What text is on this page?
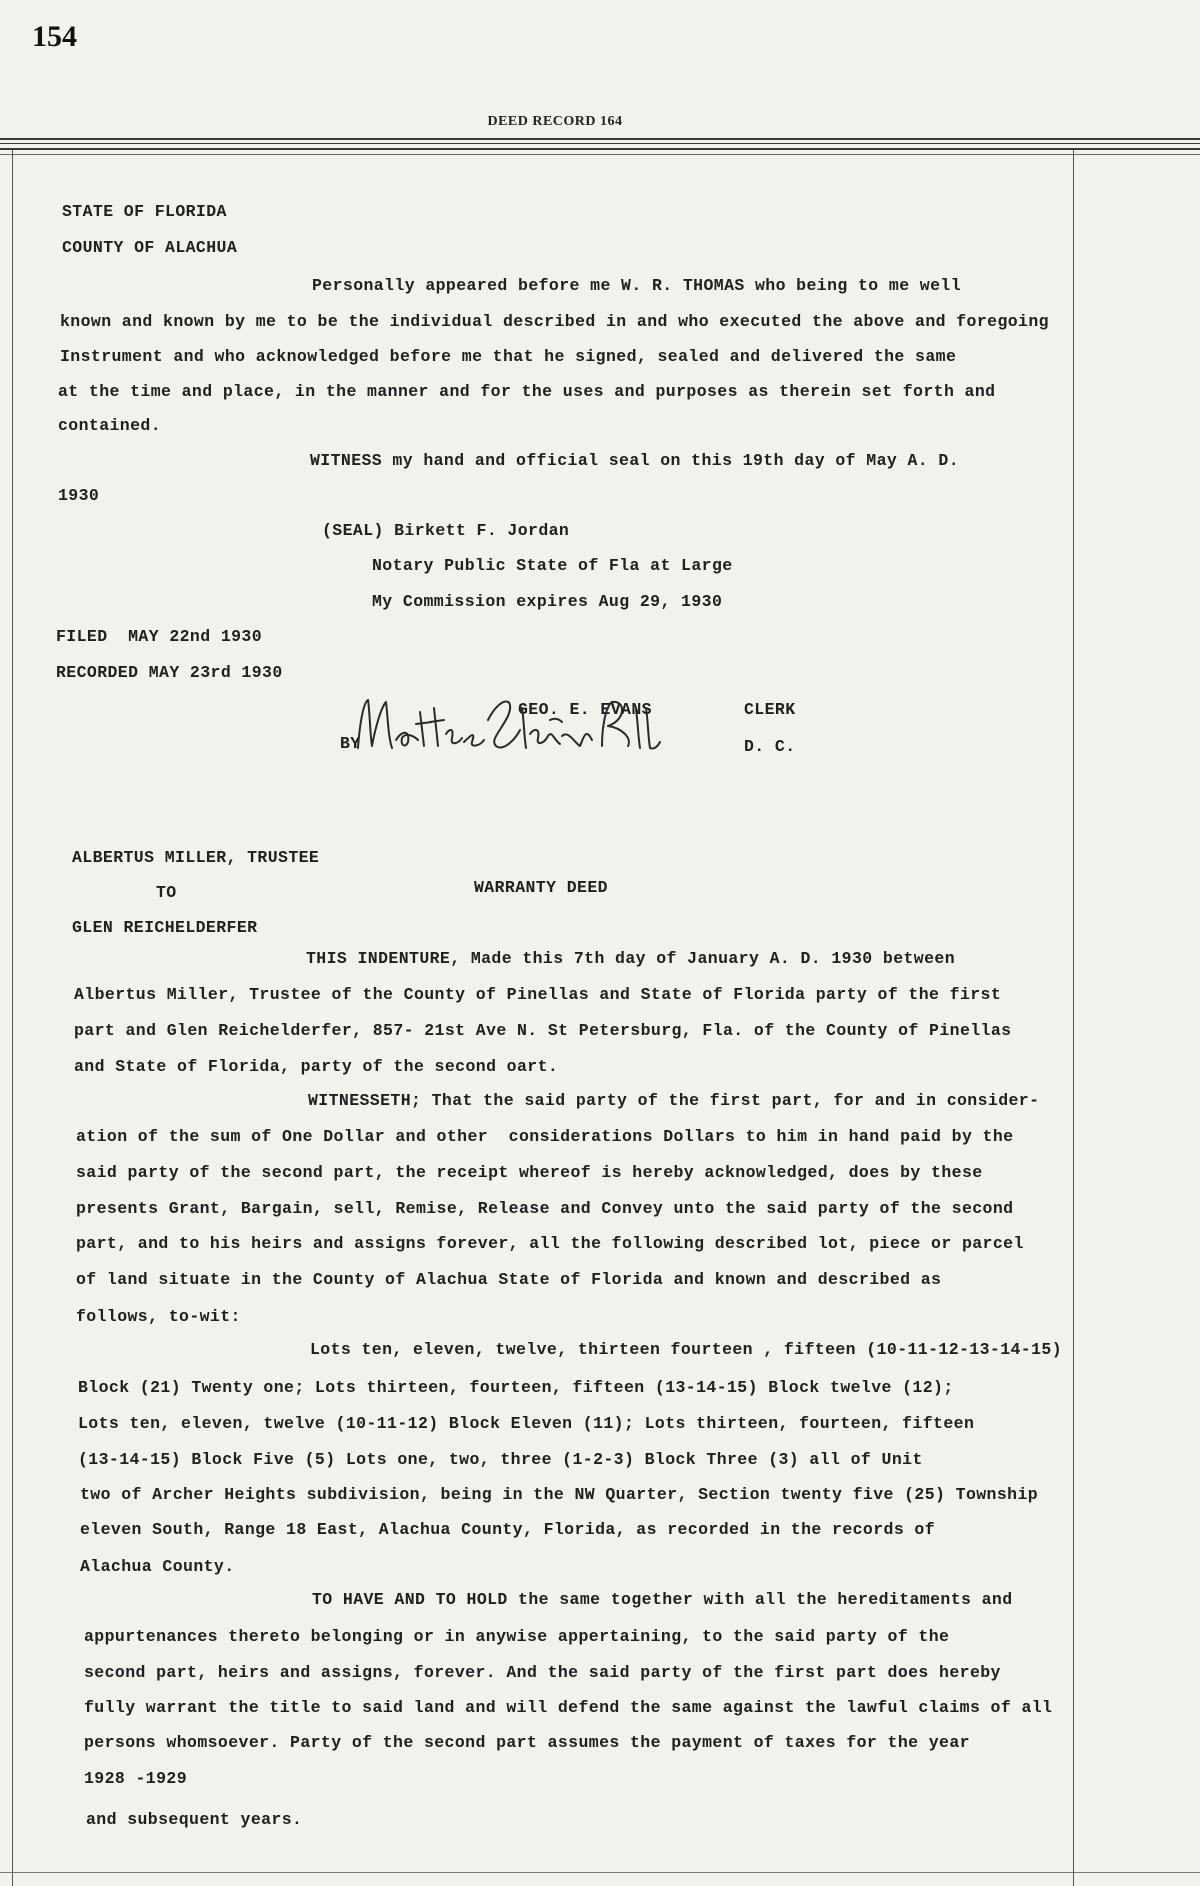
154
DEED RECORD 164
STATE OF FLORIDA
COUNTY OF ALACHUA
Personally appeared before me W. R. THOMAS who being to me well
known and known by me to be the individual described in and who executed the above and foregoing
Instrument and who acknowledged before me that he signed, sealed and delivered the same
at the time and place, in the manner and for the uses and purposes as therein set forth and
contained.
WITNESS my hand and official seal on this 19th day of May A. D.
1930
(SEAL) Birkett F. Jordan
Notary Public State of Fla at Large
My Commission expires Aug 29, 1930
FILED  MAY 22nd 1930
RECORDED MAY 23rd 1930
GEO. E. EVANS	CLERK
BY	D. C.
ALBERTUS MILLER, TRUSTEE
TO	WARRANTY DEED
GLEN REICHELDERFER
THIS INDENTURE, Made this 7th day of January A. D. 1930 between
Albertus Miller, Trustee of the County of Pinellas and State of Florida party of the first
part and Glen Reichelderfer, 857- 21st Ave N. St Petersburg, Fla. of the County of Pinellas
and State of Florida, party of the second oart.
WITNESSETH; That the said party of the first part, for and in consider-
ation of the sum of One Dollar and other  considerations Dollars to him in hand paid by the
said party of the second part, the receipt whereof is hereby acknowledged, does by these
presents Grant, Bargain, sell, Remise, Release and Convey unto the said party of the second
part, and to his heirs and assigns forever, all the following described lot, piece or parcel
of land situate in the County of Alachua State of Florida and known and described as
follows, to-wit:
Lots ten, eleven, twelve, thirteen fourteen , fifteen (10-11-12-13-14-15)
Block (21) Twenty one; Lots thirteen, fourteen, fifteen (13-14-15) Block twelve (12);
Lots ten, eleven, twelve (10-11-12) Block Eleven (11); Lots thirteen, fourteen, fifteen
(13-14-15) Block Five (5) Lots one, two, three (1-2-3) Block Three (3) all of Unit
two of Archer Heights subdivision, being in the NW Quarter, Section twenty five (25) Township
eleven South, Range 18 East, Alachua County, Florida, as recorded in the records of
Alachua County.
TO HAVE AND TO HOLD the same together with all the hereditaments and
appurtenances thereto belonging or in anywise appertaining, to the said party of the
second part, heirs and assigns, forever. And the said party of the first part does hereby
fully warrant the title to said land and will defend the same against the lawful claims of all
persons whomsoever. Party of the second part assumes the payment of taxes for the year
1928 -1929
and subsequent years.
